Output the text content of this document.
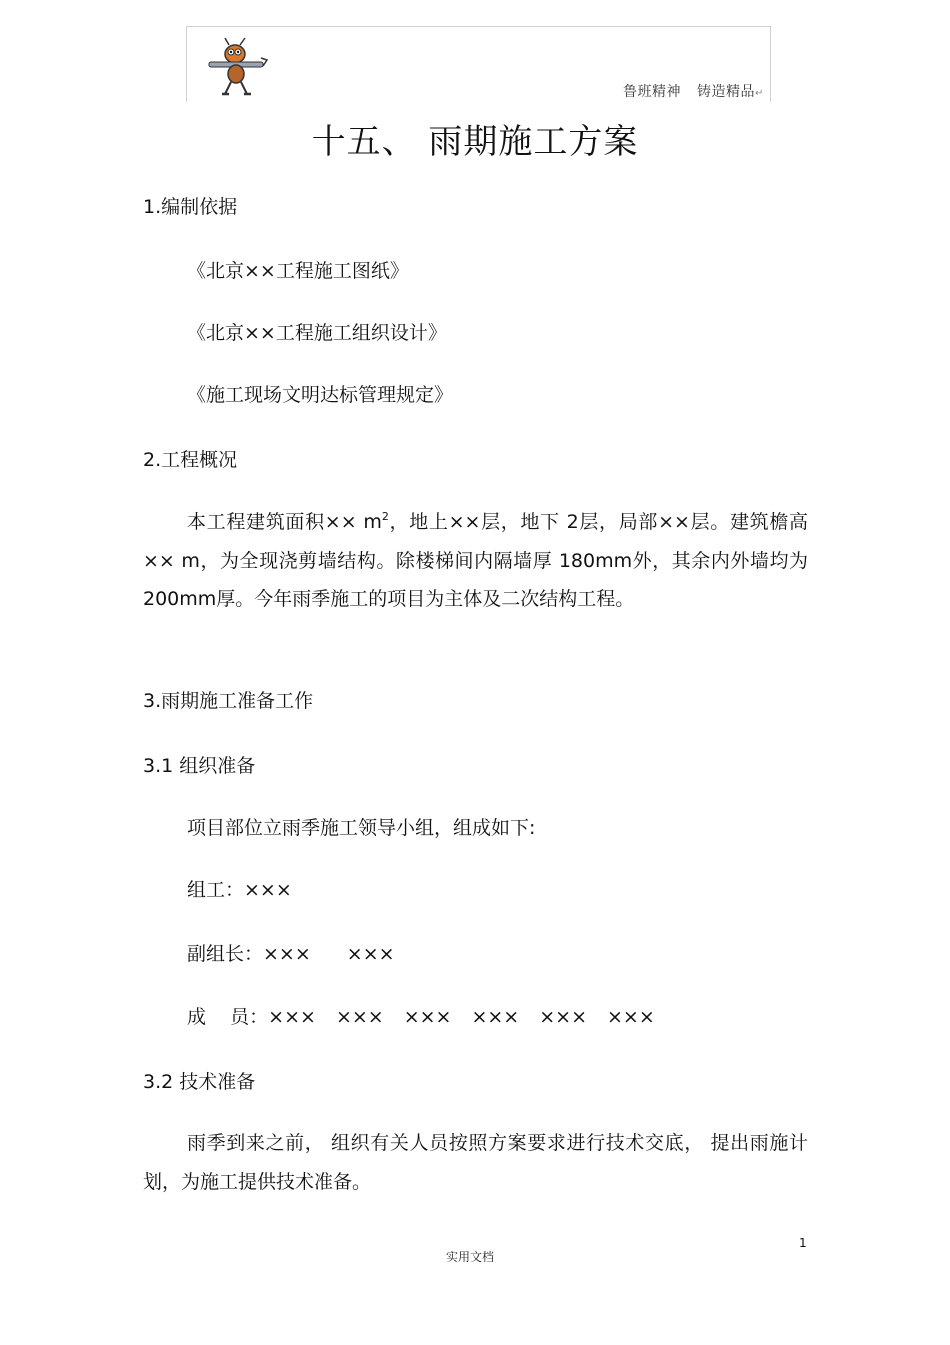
鲁班精神 铸造精品↵
十五、 雨期施工方案
1.编制依据
《北京××工程施工图纸》
《北京××工程施工组织设计》
《施工现场文明达标管理规定》
2.工程概况
本工程建筑面积×× $m^2$，地上××层，地下 2层，局部××层。建筑檐高×× m，为全现浇剪墙结构。除楼梯间内隔墙厚 180mm外，其余内外墙均为 200mm厚。今年雨季施工的项目为主体及二次结构工程。
3.雨期施工准备工作
3.1 组织准备
项目部位立雨季施工领导小组，组成如下:
组工：×××
副组长：××× ×××
成    员：××× ××× ××× ××× ××× ×××
3.2 技术准备
雨季到来之前， 组织有关人员按照方案要求进行技术交底， 提出雨施计划，为施工提供技术准备。
1
实用文档
